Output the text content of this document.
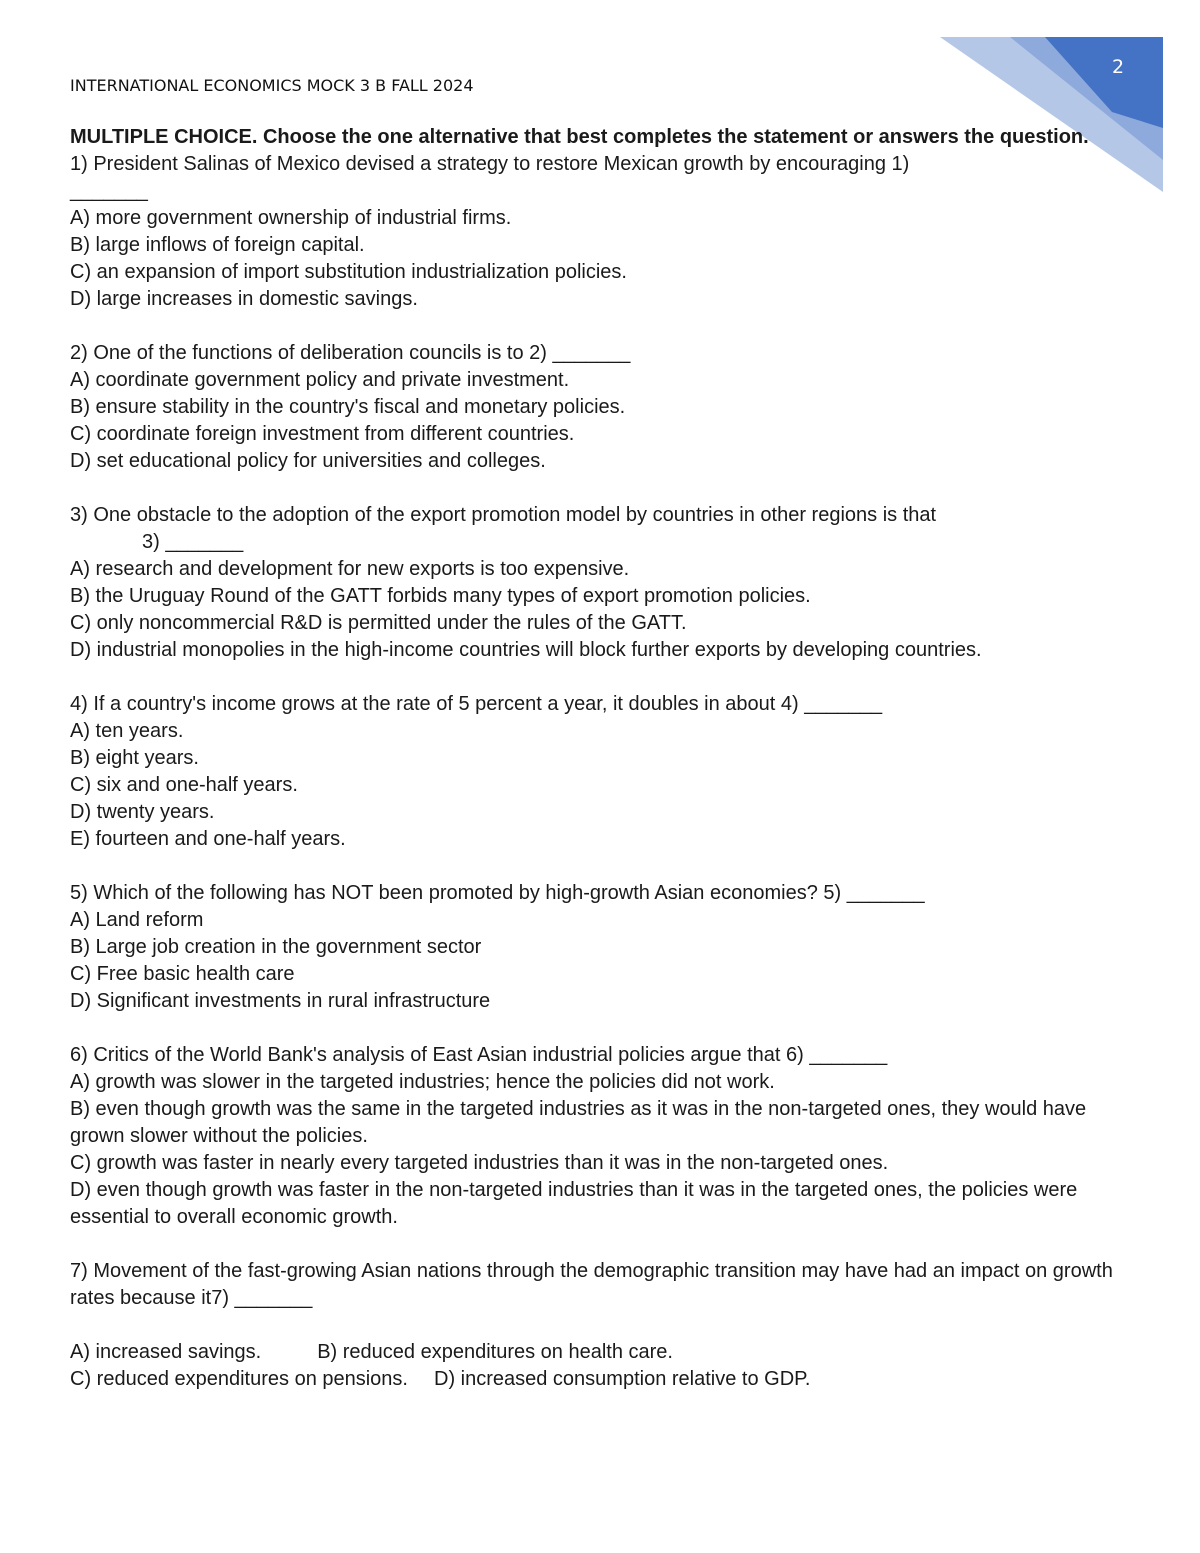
2
INTERNATIONAL ECONOMICS MOCK 3 B FALL 2024

MULTIPLE CHOICE. Choose the one alternative that best completes the statement or answers the question.

1) President Salinas of Mexico devised a strategy to restore Mexican growth by encouraging 1)

_______

A) more government ownership of industrial firms.

B) large inflows of foreign capital.

C) an expansion of import substitution industrialization policies.

D) large increases in domestic savings.

2) One of the functions of deliberation councils is to 2) _______

A) coordinate government policy and private investment.

B) ensure stability in the country's fiscal and monetary policies.

C) coordinate foreign investment from different countries.

D) set educational policy for universities and colleges.

3) One obstacle to the adoption of the export promotion model by countries in other regions is that

3) _______

A) research and development for new exports is too expensive.

B) the Uruguay Round of the GATT forbids many types of export promotion policies.

C) only noncommercial R&D is permitted under the rules of the GATT.

D) industrial monopolies in the high-income countries will block further exports by developing countries.

4) If a country's income grows at the rate of 5 percent a year, it doubles in about 4) _______

A) ten years.

B) eight years.

C) six and one-half years.

D) twenty years.

E) fourteen and one-half years.

5) Which of the following has NOT been promoted by high-growth Asian economies? 5) _______

A) Land reform

B) Large job creation in the government sector

C) Free basic health care

D) Significant investments in rural infrastructure

6) Critics of the World Bank's analysis of East Asian industrial policies argue that 6) _______

A) growth was slower in the targeted industries; hence the policies did not work.

B) even though growth was the same in the targeted industries as it was in the non-targeted ones, they would have grown slower without the policies.

C) growth was faster in nearly every targeted industries than it was in the non-targeted ones.

D) even though growth was faster in the non-targeted industries than it was in the targeted ones, the policies were essential to overall economic growth.

7) Movement of the fast-growing Asian nations through the demographic transition may have had an impact on growth rates because it7) _______

A) increased savings.	B) reduced expenditures on health care.

C) reduced expenditures on pensions. D) increased consumption relative to GDP.
